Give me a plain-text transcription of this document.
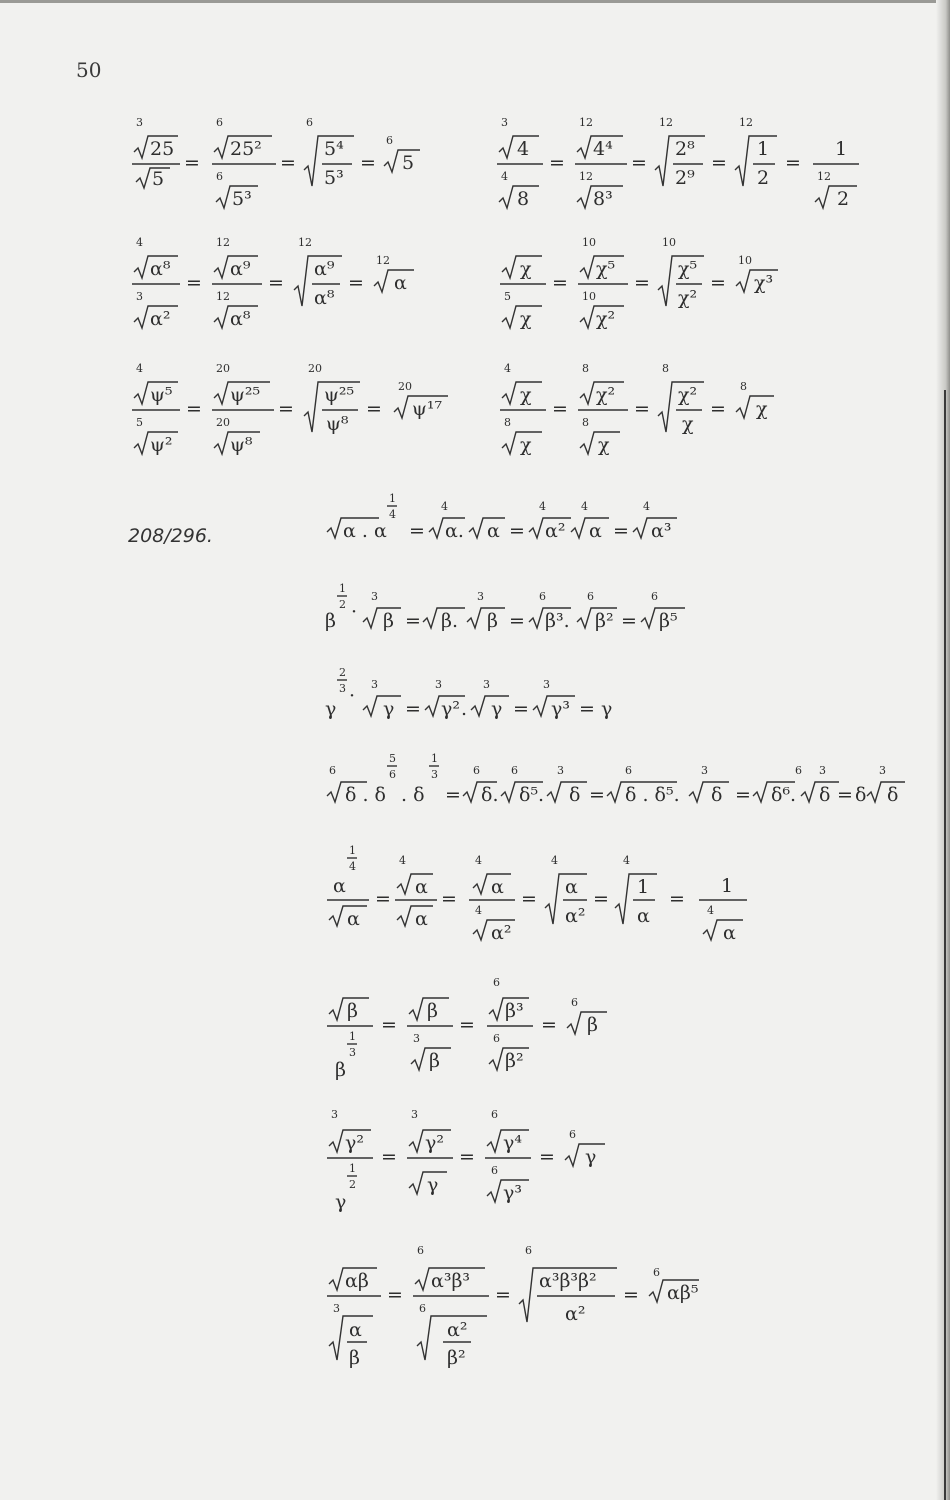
50
208/296.
3
25
5
=
6
25²
6
5³
=
6
5⁴
5³
=
6
5
3
4
4
8
=
12
4⁴
12
8³
=
12
2⁸
2⁹
=
12
1
2
=
1
12
2
4
α⁸
3
α²
=
12
α⁹
12
α⁸
=
12
α⁹
α⁸
=
12
α
χ
5
χ
=
10
χ⁵
10
χ²
=
10
χ⁵
χ²
=
10
χ³
4
ψ⁵
5
ψ²
=
20
ψ²⁵
20
ψ⁸
=
20
ψ²⁵
ψ⁸
=
20
ψ¹⁷
4
χ
8
χ
=
8
χ²
8
χ
=
8
χ²
χ
=
8
χ
α . α
1
4
=
4
α. α =
4
α²
4
α =
4
α³
β
1
2 ·
3
β = β.
3
β =
6
β³.
6
β² =
6
β⁵
γ
2
3 ·
3
γ =
3
γ² .
3
γ =
3
γ³ = γ
6
δ . δ
5
6
. δ
1
3
=
6
δ.
6
δ⁵.
3
δ =
6
δ . δ⁵.
3
δ =
6
δ⁶.
3
δ = δ
3
δ
α
1
4
α
=
4
α
α
=
4
α
4
α²
=
4
α
α²
=
4
1
α
=
1
4
α
β
β
1
3
=
β
3
β
=
6
β³
6
β²
=
6
β
3
γ²
γ
1
2
=
3
γ²
γ
=
6
γ⁴
6
γ³
=
6
γ
αβ
3
α
β
=
6
α³β³
6
α²
β²
=
6
α³β³β²
α²
=
6
αβ⁵
